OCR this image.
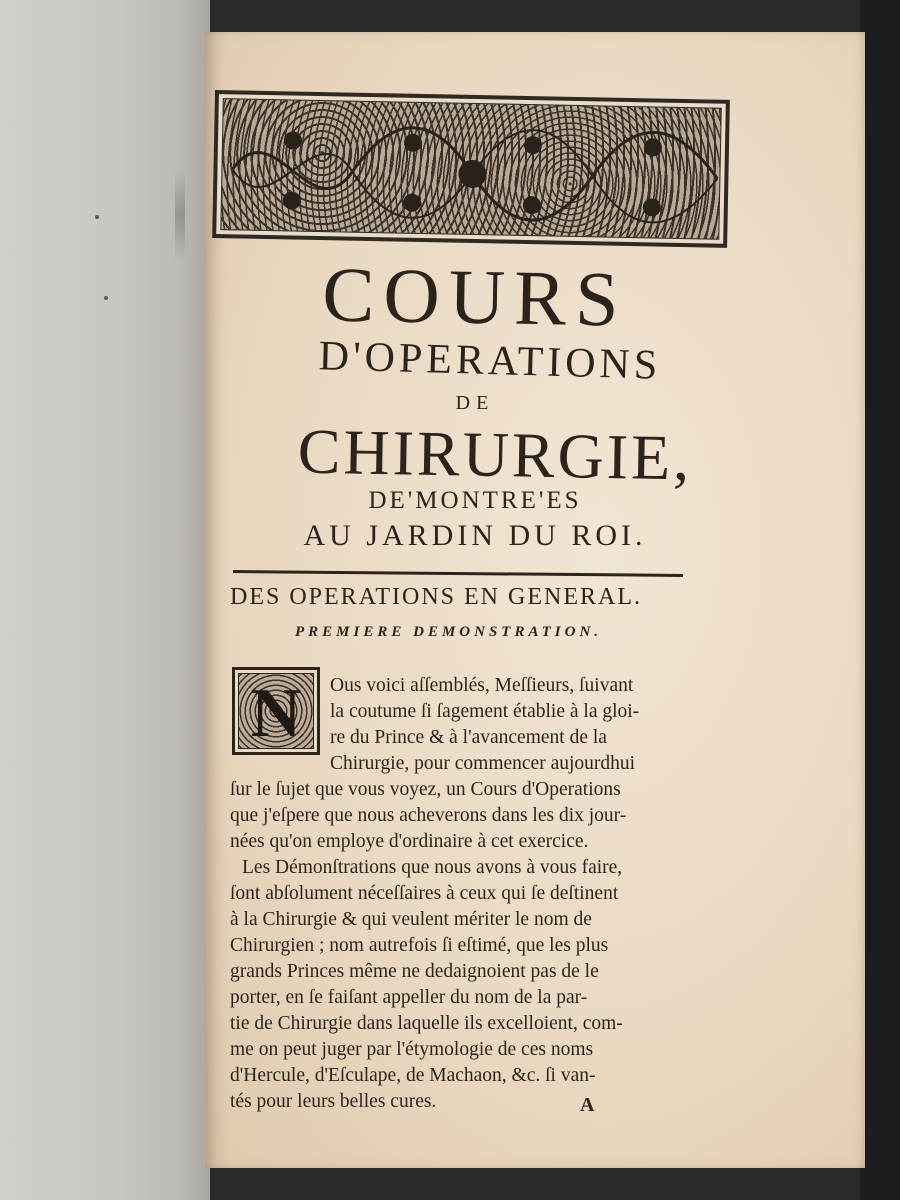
COURS
D'OPERATIONS
DE
CHIRURGIE,
DE'MONTRE'ES
AU JARDIN DU ROI.
DES OPERATIONS EN GENERAL.
PREMIERE DEMONSTRATION.
N	Ous voici aſſemblés, Meſſieurs, ſuivant
la coutume ſi ſagement établie à la gloi-
re du Prince & à l'avancement de la
Chirurgie, pour commencer aujourdhui
ſur le ſujet que vous voyez, un Cours d'Operations
que j'eſpere que nous acheverons dans les dix jour-
nées qu'on employe d'ordinaire à cet exercice.
Les Démonſtrations que nous avons à vous faire,
ſont abſolument néceſſaires à ceux qui ſe deſtinent
à la Chirurgie & qui veulent mériter le nom de
Chirurgien ; nom autrefois ſi eſtimé, que les plus
grands Princes même ne dedaignoient pas de le
porter, en ſe faiſant appeller du nom de la par-
tie de Chirurgie dans laquelle ils excelloient, com-
me on peut juger par l'étymologie de ces noms
d'Hercule, d'Eſculape, de Machaon, &c. ſi van-
tés pour leurs belles cures.	A
